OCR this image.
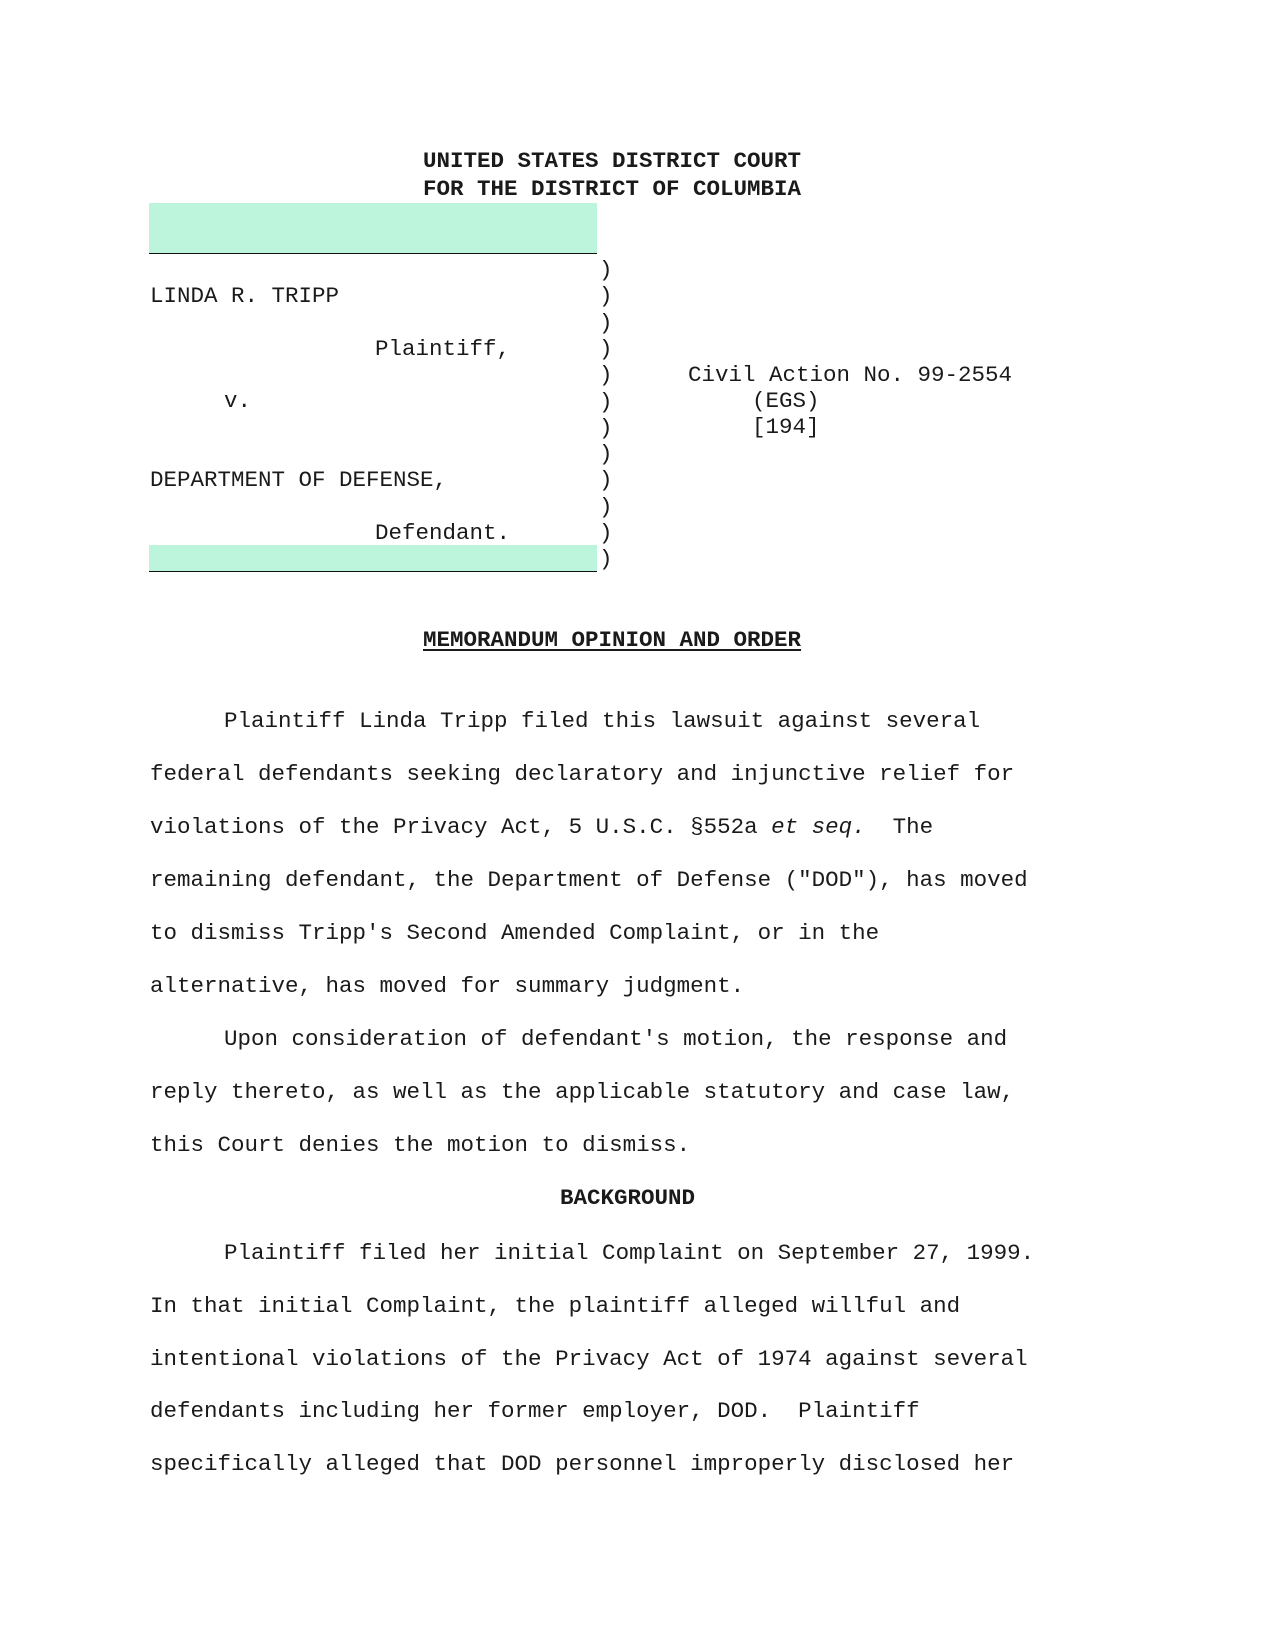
UNITED STATES DISTRICT COURT
FOR THE DISTRICT OF COLUMBIA
LINDA R. TRIPP
Plaintiff,
v.
DEPARTMENT OF DEFENSE,
Defendant.
)
)
)
)
)
)
)
)
)
)
)
)
Civil Action No. 99-2554
(EGS)
[194]
MEMORANDUM OPINION AND ORDER
Plaintiff Linda Tripp filed this lawsuit against several
federal defendants seeking declaratory and injunctive relief for
violations of the Privacy Act, 5 U.S.C. §552a et seq.  The
remaining defendant, the Department of Defense ("DOD"), has moved
to dismiss Tripp's Second Amended Complaint, or in the
alternative, has moved for summary judgment.
Upon consideration of defendant's motion, the response and
reply thereto, as well as the applicable statutory and case law,
this Court denies the motion to dismiss.
BACKGROUND
Plaintiff filed her initial Complaint on September 27, 1999.
In that initial Complaint, the plaintiff alleged willful and
intentional violations of the Privacy Act of 1974 against several
defendants including her former employer, DOD.  Plaintiff
specifically alleged that DOD personnel improperly disclosed her
